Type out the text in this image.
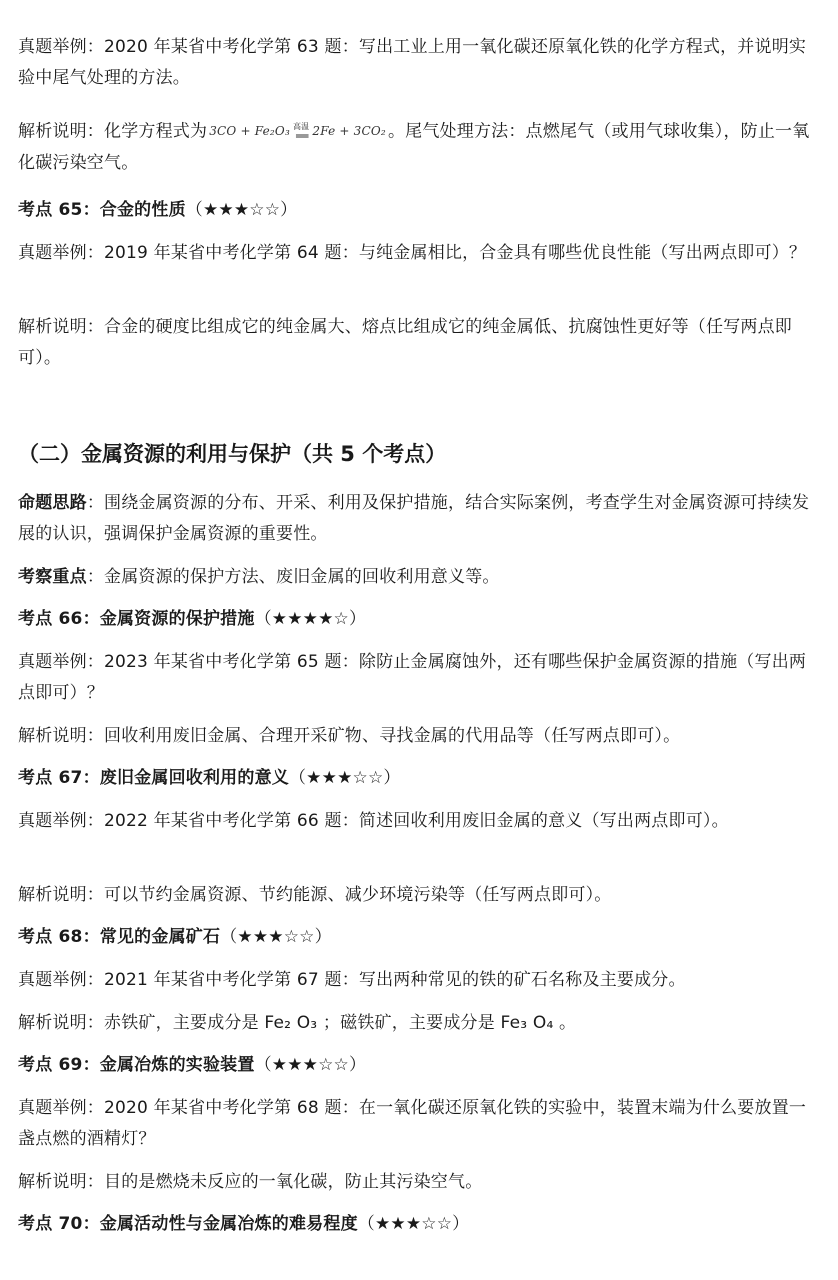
真题举例：2020 年某省中考化学第 63 题：写出工业上用一氧化碳还原氧化铁的化学方程式，并说明实验中尾气处理的方法。

解析说明：化学方程式为 3CO + Fe₂O₃ 高温
══ 2Fe + 3CO₂ 。尾气处理方法：点燃尾气（或用气球收集），防止一氧化碳污染空气。

考点 65：合金的性质（★★★☆☆）

真题举例：2019 年某省中考化学第 64 题：与纯金属相比，合金具有哪些优良性能（写出两点即可）？

解析说明：合金的硬度比组成它的纯金属大、熔点比组成它的纯金属低、抗腐蚀性更好等（任写两点即可）。

（二）金属资源的利用与保护（共 5 个考点）

命题思路：围绕金属资源的分布、开采、利用及保护措施，结合实际案例，考查学生对金属资源可持续发展的认识，强调保护金属资源的重要性。

考察重点：金属资源的保护方法、废旧金属的回收利用意义等。

考点 66：金属资源的保护措施（★★★★☆）

真题举例：2023 年某省中考化学第 65 题：除防止金属腐蚀外，还有哪些保护金属资源的措施（写出两点即可）？

解析说明：回收利用废旧金属、合理开采矿物、寻找金属的代用品等（任写两点即可）。

考点 67：废旧金属回收利用的意义（★★★☆☆）

真题举例：2022 年某省中考化学第 66 题：简述回收利用废旧金属的意义（写出两点即可）。

解析说明：可以节约金属资源、节约能源、减少环境污染等（任写两点即可）。

考点 68：常见的金属矿石（★★★☆☆）

真题举例：2021 年某省中考化学第 67 题：写出两种常见的铁的矿石名称及主要成分。

解析说明：赤铁矿，主要成分是 Fe₂ O₃ ；磁铁矿，主要成分是 Fe₃ O₄ 。

考点 69：金属冶炼的实验装置（★★★☆☆）

真题举例：2020 年某省中考化学第 68 题：在一氧化碳还原氧化铁的实验中，装置末端为什么要放置一盏点燃的酒精灯？

解析说明：目的是燃烧未反应的一氧化碳，防止其污染空气。

考点 70：金属活动性与金属冶炼的难易程度（★★★☆☆）
